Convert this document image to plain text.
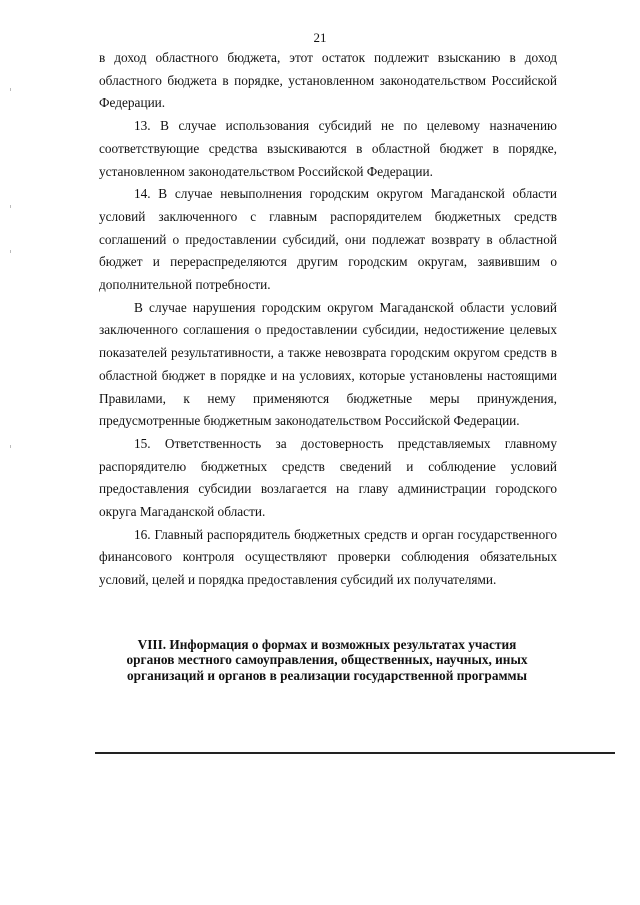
21

в доход областного бюджета, этот остаток подлежит взысканию в доход областного бюджета в порядке, установленном законодательством Российской Федерации.

13. В случае использования субсидий не по целевому назначению соответствующие средства взыскиваются в областной бюджет в порядке, установленном законодательством Российской Федерации.

14. В случае невыполнения городским округом Магаданской области условий заключенного с главным распорядителем бюджетных средств соглашений о предоставлении субсидий, они подлежат возврату в областной бюджет и перераспределяются другим городским округам, заявившим о дополнительной потребности.

В случае нарушения городским округом Магаданской области условий заключенного соглашения о предоставлении субсидии, недостижение целевых показателей результативности, а также невозврата городским округом средств в областной бюджет в порядке и на условиях, которые установлены настоящими Правилами, к нему применяются бюджетные меры принуждения, предусмотренные бюджетным законодательством Российской Федерации.

15. Ответственность за достоверность представляемых главному распорядителю бюджетных средств сведений и соблюдение условий предоставления субсидии возлагается на главу администрации городского округа Магаданской области.

16. Главный распорядитель бюджетных средств и орган государственного финансового контроля осуществляют проверки соблюдения обязательных условий, целей и порядка предоставления субсидий их получателями.

VIII. Информация о формах и возможных результатах участия
органов местного самоуправления, общественных, научных, иных
организаций и органов в реализации государственной программы
